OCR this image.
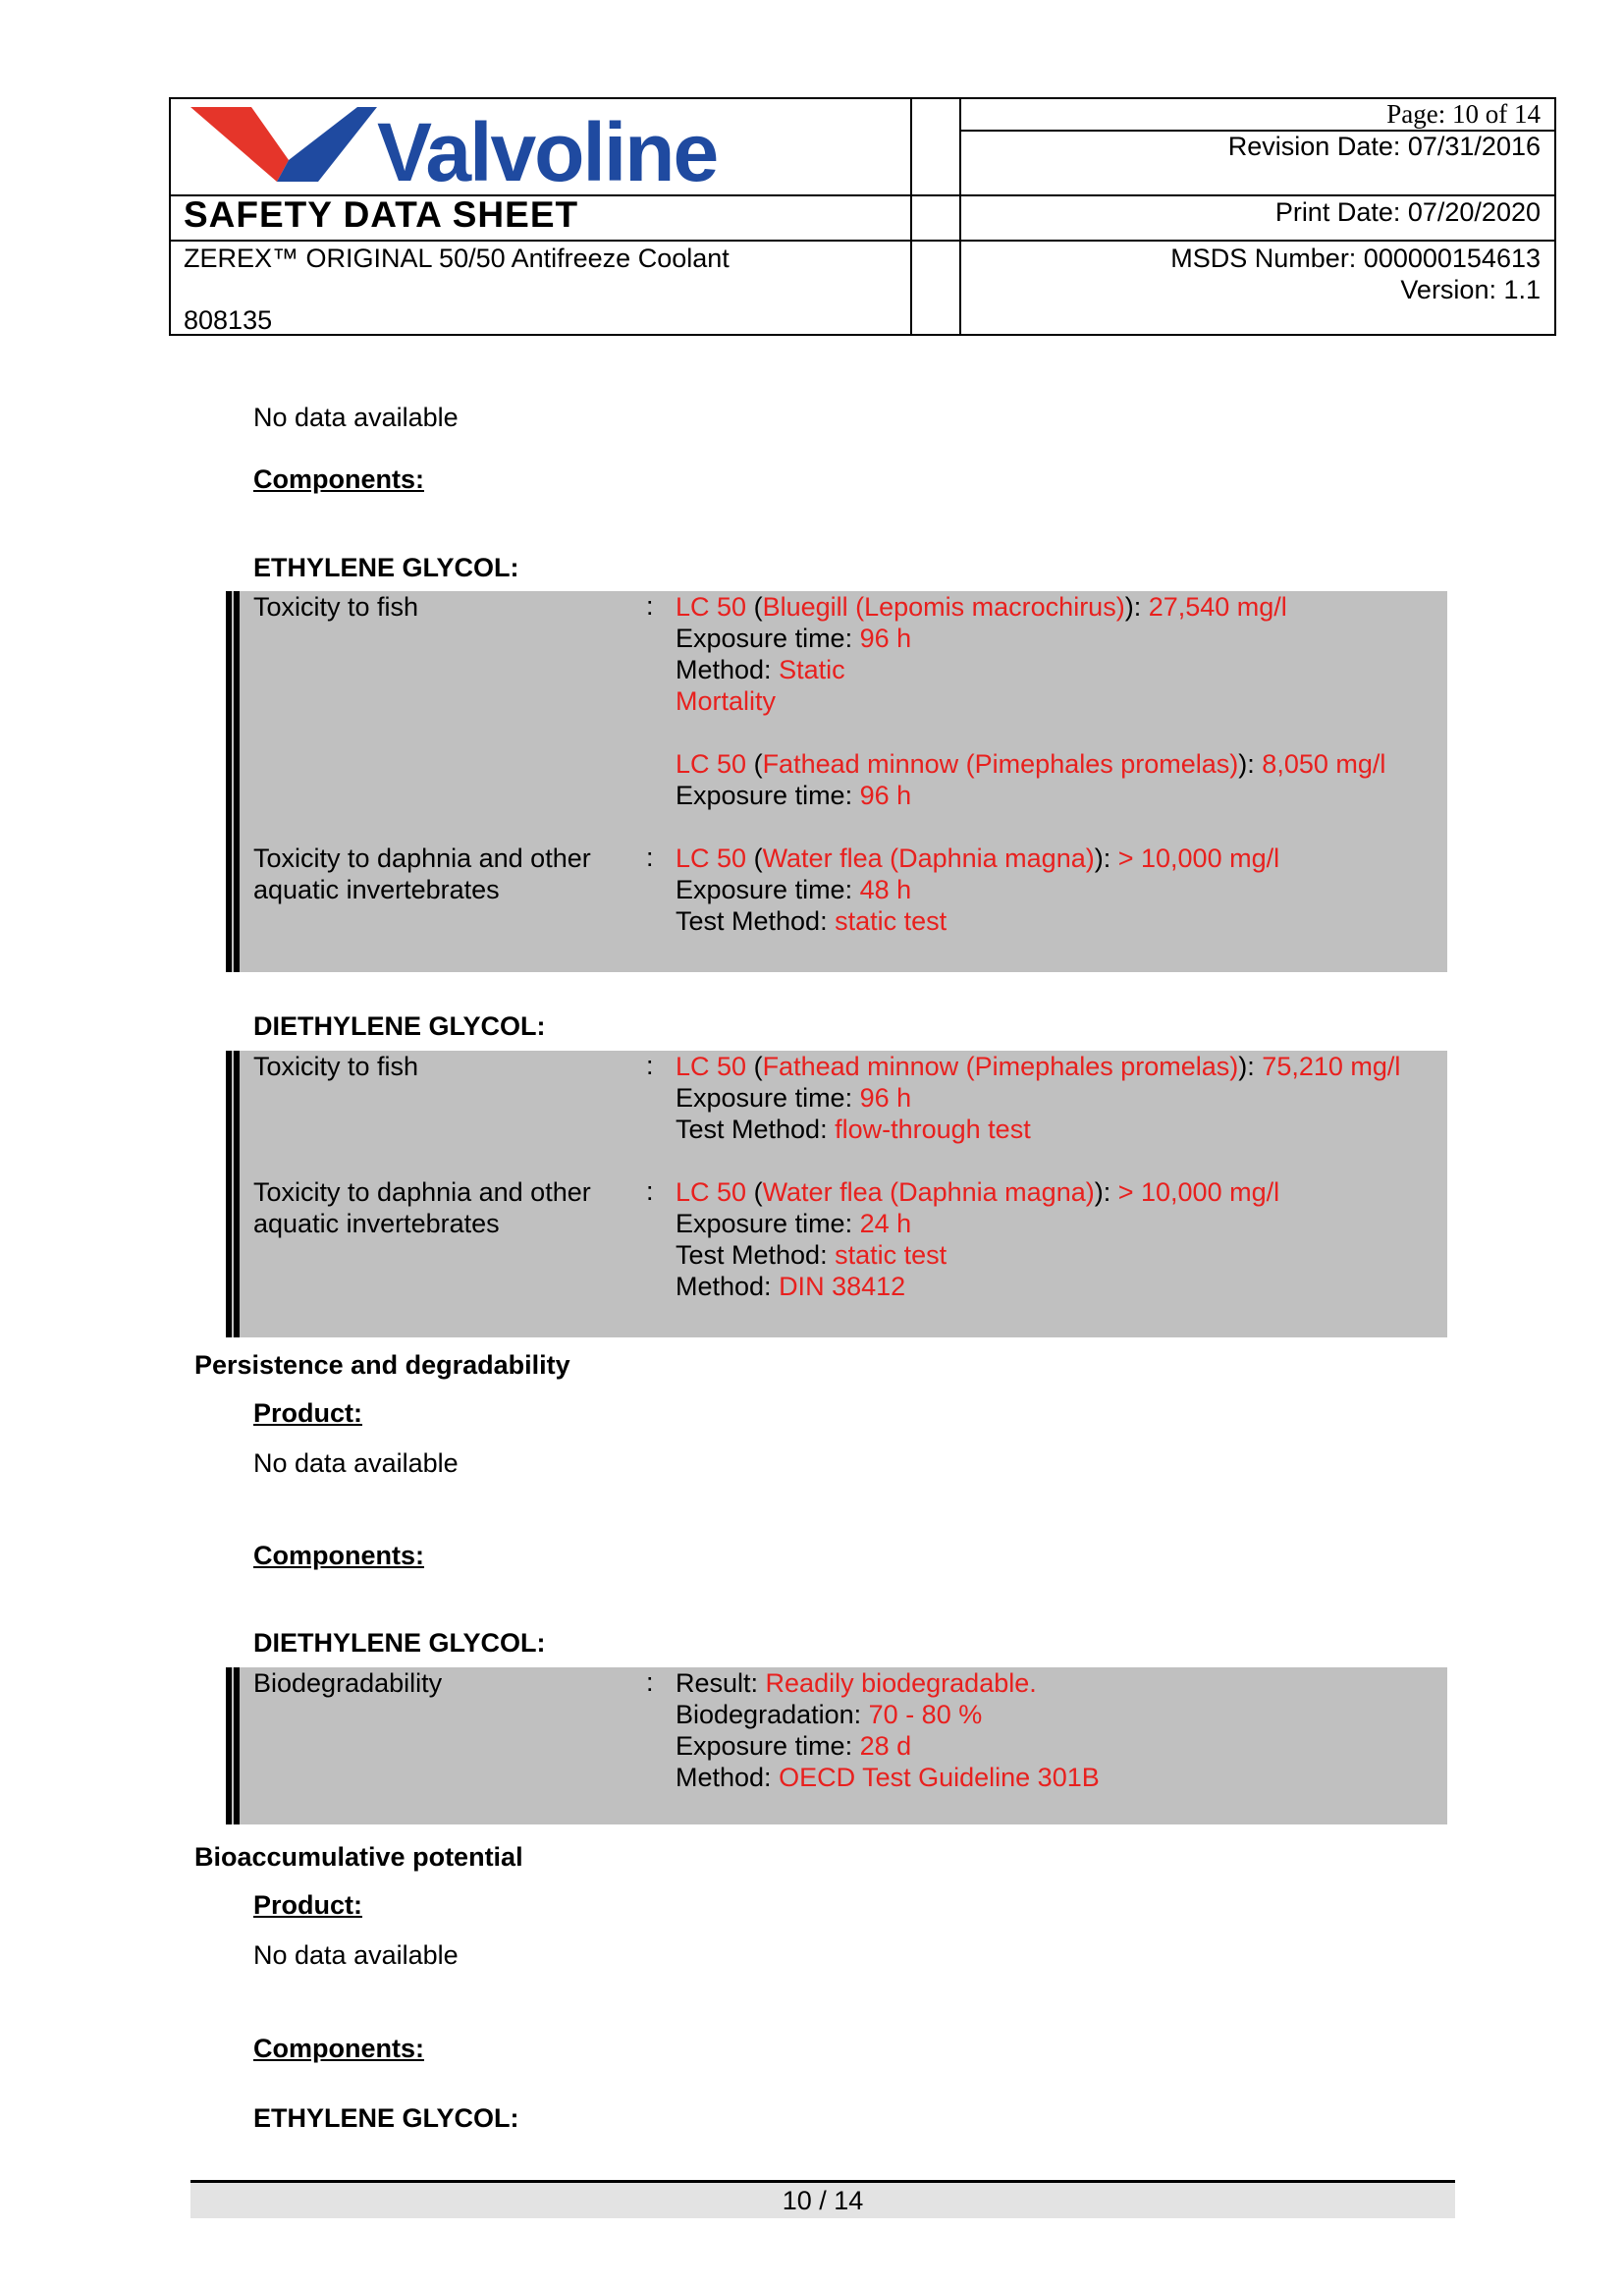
Valvoline
SAFETY DATA SHEET
ZEREX™ ORIGINAL 50/50 Antifreeze Coolant
808135
Page: 10 of 14
Revision Date: 07/31/2016
Print Date: 07/20/2020
MSDS Number: 000000154613
Version: 1.1
No data available
Components:
ETHYLENE GLYCOL:
Toxicity to fish	: LC 50 (Bluegill (Lepomis macrochirus)): 27,540 mg/l
Exposure time: 96 h
Method: Static
Mortality
LC 50 (Fathead minnow (Pimephales promelas)): 8,050 mg/l
Exposure time: 96 h
Toxicity to daphnia and other aquatic invertebrates
: LC 50 (Water flea (Daphnia magna)): > 10,000 mg/l
Exposure time: 48 h
Test Method: static test
DIETHYLENE GLYCOL:
Toxicity to fish	: LC 50 (Fathead minnow (Pimephales promelas)): 75,210 mg/l
Exposure time: 96 h
Test Method: flow-through test
Toxicity to daphnia and other aquatic invertebrates
: LC 50 (Water flea (Daphnia magna)): > 10,000 mg/l
Exposure time: 24 h
Test Method: static test
Method: DIN 38412
Persistence and degradability
Product:
No data available
Components:
DIETHYLENE GLYCOL:
Biodegradability	: Result: Readily biodegradable.
Biodegradation: 70 - 80 %
Exposure time: 28 d
Method: OECD Test Guideline 301B
Bioaccumulative potential
Product:
No data available
Components:
ETHYLENE GLYCOL:
10 / 14
